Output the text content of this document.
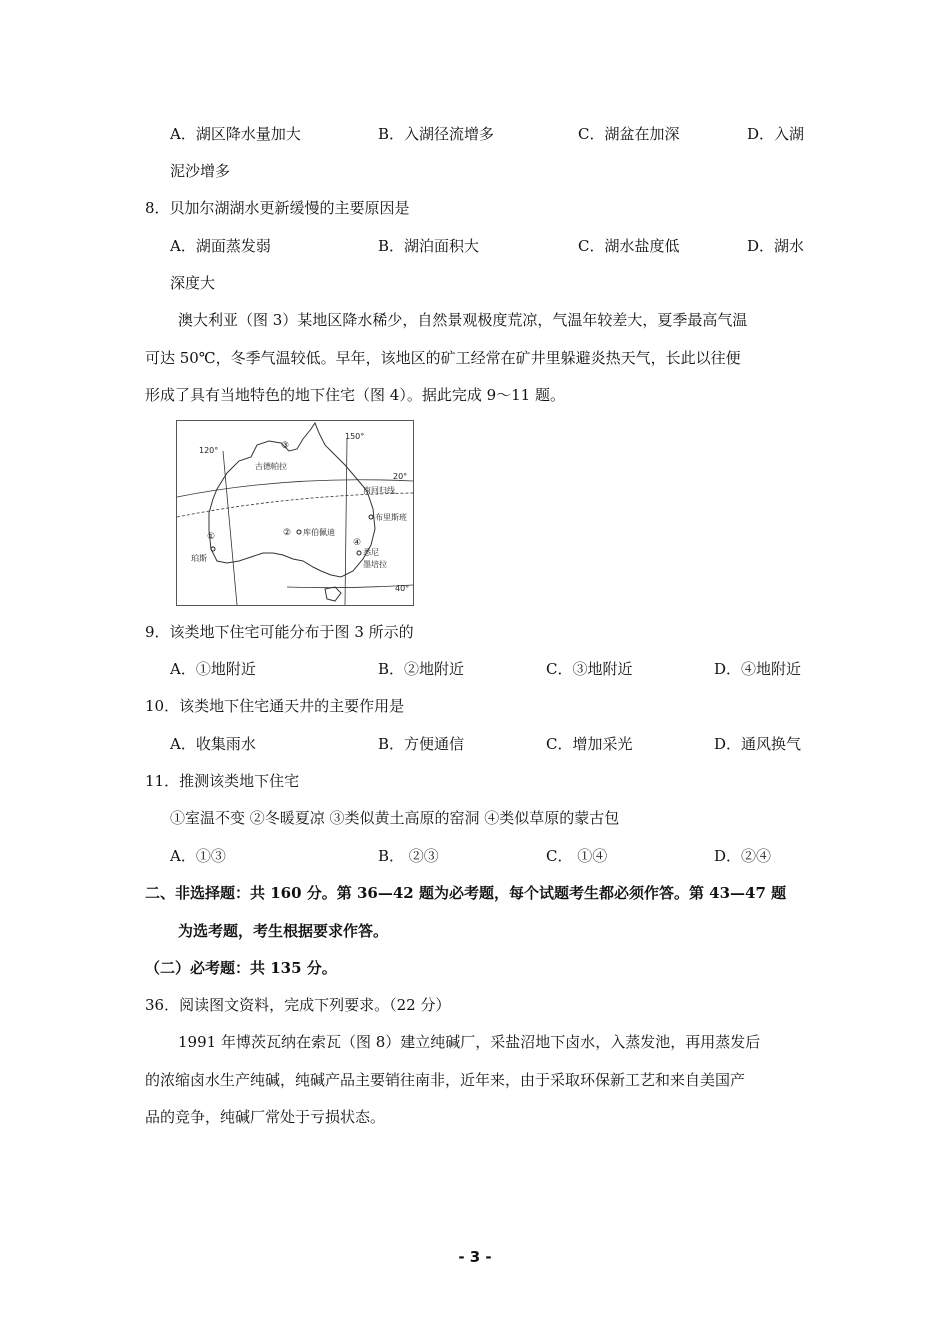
A．湖区降水量加大	B．入湖径流增多	C．湖盆在加深	D．入湖
泥沙增多
8．贝加尔湖湖水更新缓慢的主要原因是
A．湖面蒸发弱	B．湖泊面积大	C．湖水盐度低	D．湖水
深度大
澳大利亚（图 3）某地区降水稀少，自然景观极度荒凉，气温年较差大，夏季最高气温
可达 50℃，冬季气温较低。早年，该地区的矿工经常在矿井里躲避炎热天气，长此以往便
形成了具有当地特色的地下住宅（图 4）。据此完成 9～11 题。
120°
150°
20°
40°
古德帕拉
南回归线
布里斯班
② 库伯佩迪
①
珀斯
④
悉尼
墨培拉
③
9．该类地下住宅可能分布于图 3 所示的
A．①地附近	B．②地附近	C．③地附近	D．④地附近
10．该类地下住宅通天井的主要作用是
A．收集雨水	B．方便通信	C．增加采光	D．通风换气
11．推测该类地下住宅
①室温不变 ②冬暖夏凉 ③类似黄土高原的窑洞 ④类似草原的蒙古包
A．①③	B． ②③	C． ①④	D．②④
二、非选择题：共 160 分。第 36—42 题为必考题，每个试题考生都必须作答。第 43—47 题
为选考题，考生根据要求作答。
（二）必考题：共 135 分。
36．阅读图文资料，完成下列要求。（22 分）
1991 年博茨瓦纳在索瓦（图 8）建立纯碱厂，采盐沼地下卤水，入蒸发池，再用蒸发后
的浓缩卤水生产纯碱，纯碱产品主要销往南非，近年来，由于采取环保新工艺和来自美国产
品的竞争，纯碱厂常处于亏损状态。
- 3 -
